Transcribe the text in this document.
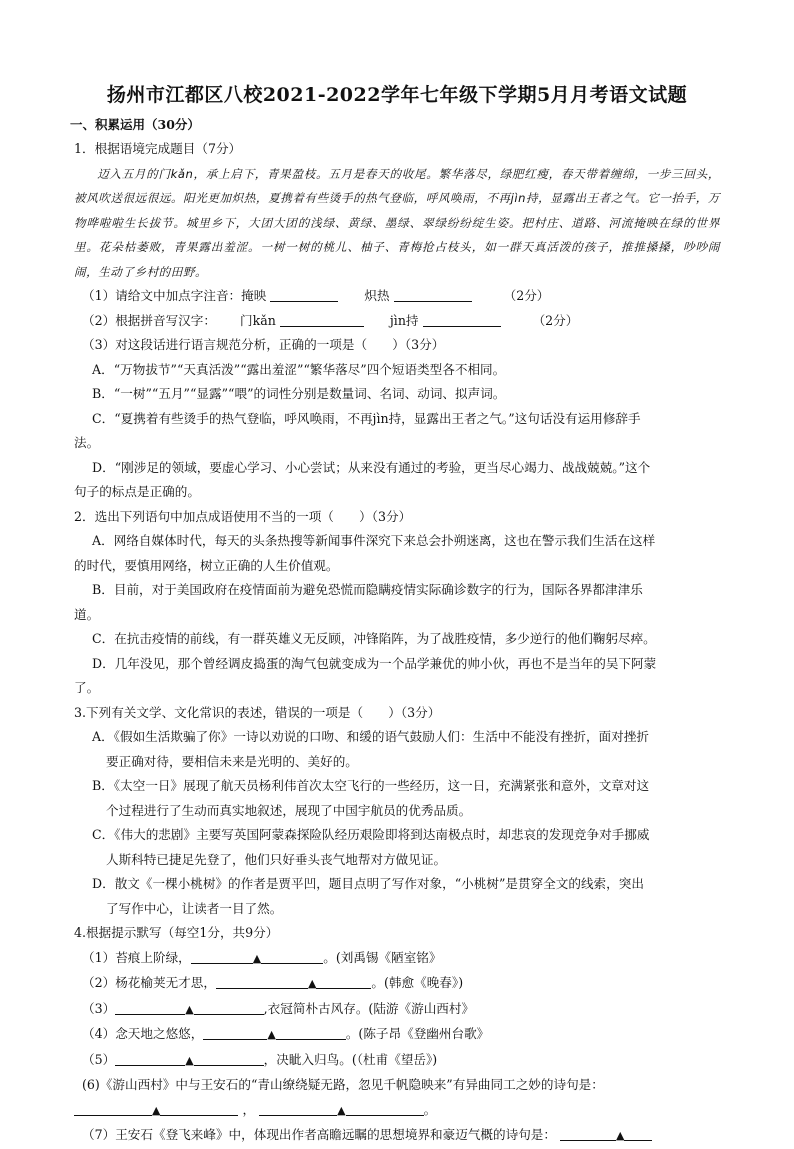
扬州市江都区八校2021-2022学年七年级下学期5月月考语文试题

一、积累运用（30分）

1．根据语境完成题目（7分）

迈入五月的门kǎn，承上启下，青果盈枝。五月是春天的收尾。繁华落尽，绿肥红瘦，春天带着缠绵，一步三回头，被风吹送很远很远。阳光更加炽热，夏携着有些烫手的热气登临，呼风唤雨，不再jìn持，显露出王者之气。它一抬手，万物哗啦啦生长拔节。城里乡下，大团大团的浅绿、黄绿、墨绿、翠绿纷纷绽生姿。把村庄、道路、河流掩映在绿的世界里。花朵枯萎败，青果露出羞涩。一树一树的桃儿、柚子、青梅抢占枝头，如一群天真活泼的孩子，推推搡搡，吵吵闹闹，生动了乡村的田野。

（1）请给文中加点字注音：掩映	炽热	（2分）

（2）根据拼音写汉字： 门kǎn	jìn持	（2分）

（3）对这段话进行语言规范分析，正确的一项是（　　）（3分）

A．“万物拔节”“天真活泼”“露出羞涩”“繁华落尽”四个短语类型各不相同。

B．“一树”“五月”“显露”“喂”的词性分别是数量词、名词、动词、拟声词。

C．“夏携着有些烫手的热气登临，呼风唤雨，不再jìn持，显露出王者之气。”这句话没有运用修辞手

法。

D．“刚涉足的领域，要虚心学习、小心尝试；从来没有通过的考验，更当尽心竭力、战战兢兢。”这个

句子的标点是正确的。

2．选出下列语句中加点成语使用不当的一项（　　）（3分）

A．网络自媒体时代，每天的头条热搜等新闻事件深究下来总会扑朔迷离，这也在警示我们生活在这样

的时代，要慎用网络，树立正确的人生价值观。

B．目前，对于美国政府在疫情面前为避免恐慌而隐瞒疫情实际确诊数字的行为，国际各界都津津乐

道。

C．在抗击疫情的前线，有一群英雄义无反顾，冲锋陷阵，为了战胜疫情，多少逆行的他们鞠躬尽瘁。

D．几年没见，那个曾经调皮捣蛋的淘气包就变成为一个品学兼优的帅小伙，再也不是当年的吴下阿蒙

了。

3.下列有关文学、文化常识的表述，错误的一项是（　　）（3分）

A．《假如生活欺骗了你》一诗以劝说的口吻、和缓的语气鼓励人们：生活中不能没有挫折，面对挫折

要正确对待，要相信未来是光明的、美好的。

B．《太空一日》展现了航天员杨利伟首次太空飞行的一些经历，这一日，充满紧张和意外，文章对这

个过程进行了生动而真实地叙述，展现了中国宇航员的优秀品质。

C．《伟大的悲剧》主要写英国阿蒙森探险队经历艰险即将到达南极点时，却悲哀的发现竞争对手挪威

人斯科特已捷足先登了，他们只好垂头丧气地帮对方做见证。

D．散文《一棵小桃树》的作者是贾平凹，题目点明了写作对象，“小桃树”是贯穿全文的线索，突出

了写作中心，让读者一目了然。

4.根据提示默写（每空1分，共9分）

（1）苔痕上阶绿，	▲	。(刘禹锡《陋室铭》

（2）杨花榆荚无才思，	▲	。(韩愈《晚春》)

（3）	▲	,衣冠简朴古风存。(陆游《游山西村》

（4）念天地之悠悠，	▲	。(陈子昂《登幽州台歌》

（5）	▲	，决眦入归鸟。(（杜甫《望岳》)

(6)《游山西村》中与王安石的“青山缭绕疑无路，忽见千帆隐映来”有异曲同工之妙的诗句是：

▲	，	▲	。

（7）王安石《登飞来峰》中，体现出作者高瞻远瞩的思想境界和豪迈气概的诗句是：	▲
